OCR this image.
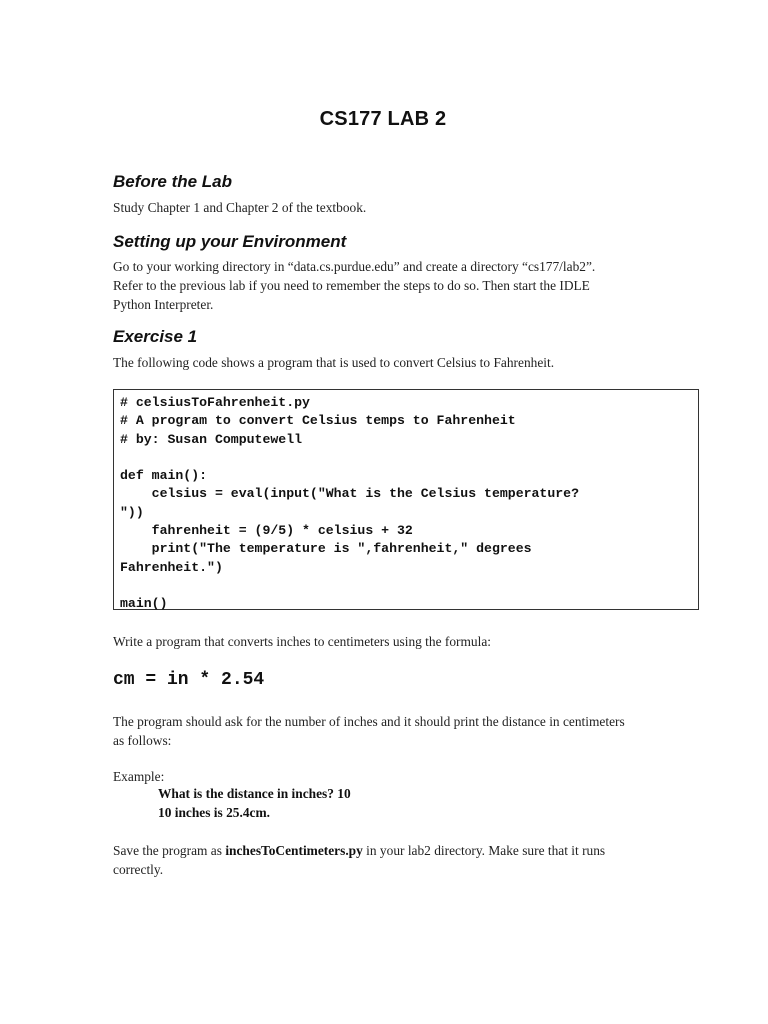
CS177 LAB 2
Before the Lab
Study Chapter 1 and Chapter 2 of the textbook.
Setting up your Environment
Go to your working directory in “data.cs.purdue.edu” and create a directory “cs177/lab2”.
Refer to the previous lab if you need to remember the steps to do so. Then start the IDLE
Python Interpreter.
Exercise 1
The following code shows a program that is used to convert Celsius to Fahrenheit.
# celsiusToFahrenheit.py
# A program to convert Celsius temps to Fahrenheit
# by: Susan Computewell
def main():
celsius = eval(input("What is the Celsius temperature?
"))
fahrenheit = (9/5) * celsius + 32
print("The temperature is ",fahrenheit," degrees
Fahrenheit.")
main()
Write a program that converts inches to centimeters using the formula:
cm = in * 2.54
The program should ask for the number of inches and it should print the distance in centimeters
as follows:
Example:
What is the distance in inches? 10
10 inches is 25.4cm.
Save the program as inchesToCentimeters.py in your lab2 directory. Make sure that it runs
correctly.
